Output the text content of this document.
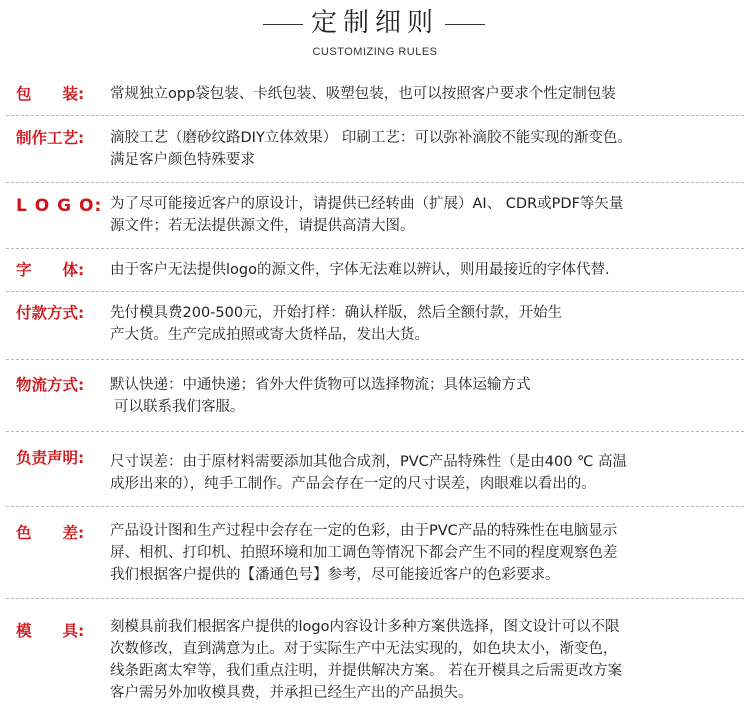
定制细则
CUSTOMIZING RULES
包　　装:	常规独立opp袋包装、卡纸包装、吸塑包装，也可以按照客户要求个性定制包装
制作工艺:	滴胶工艺（磨砂纹路DIY立体效果） 印刷工艺：可以弥补滴胶不能实现的渐变色。
满足客户颜色特殊要求
L O G O: 为了尽可能接近客户的原设计，请提供已经转曲（扩展）AI、 CDR或PDF等矢量
源文件；若无法提供源文件，请提供高清大图。
字　　体:	由于客户无法提供logo的源文件，字体无法难以辨认，则用最接近的字体代替.
付款方式:	先付模具费200-500元，开始打样：确认样版，然后全额付款，开始生
产大货。生产完成拍照或寄大货样品，发出大货。
物流方式:	默认快递：中通快递；省外大件货物可以选择物流；具体运输方式
可以联系我们客服。
负责声明:	尺寸误差：由于原材料需要添加其他合成剂，PVC产品特殊性（是由400 ℃ 高温
成形出来的），纯手工制作。产品会存在一定的尺寸误差，肉眼难以看出的。
色　　差:	产品设计图和生产过程中会存在一定的色彩，由于PVC产品的特殊性在电脑显示
屏、相机、打印机、拍照环境和加工调色等情况下都会产生不同的程度观察色差
我们根据客户提供的【潘通色号】参考，尽可能接近客户的色彩要求。
模　　具:	刻模具前我们根据客户提供的logo内容设计多种方案供选择，图文设计可以不限
次数修改，直到满意为止。对于实际生产中无法实现的，如色块太小，渐变色，
线条距离太窄等，我们重点注明，并提供解决方案。 若在开模具之后需更改方案
客户需另外加收模具费，并承担已经生产出的产品损失。
